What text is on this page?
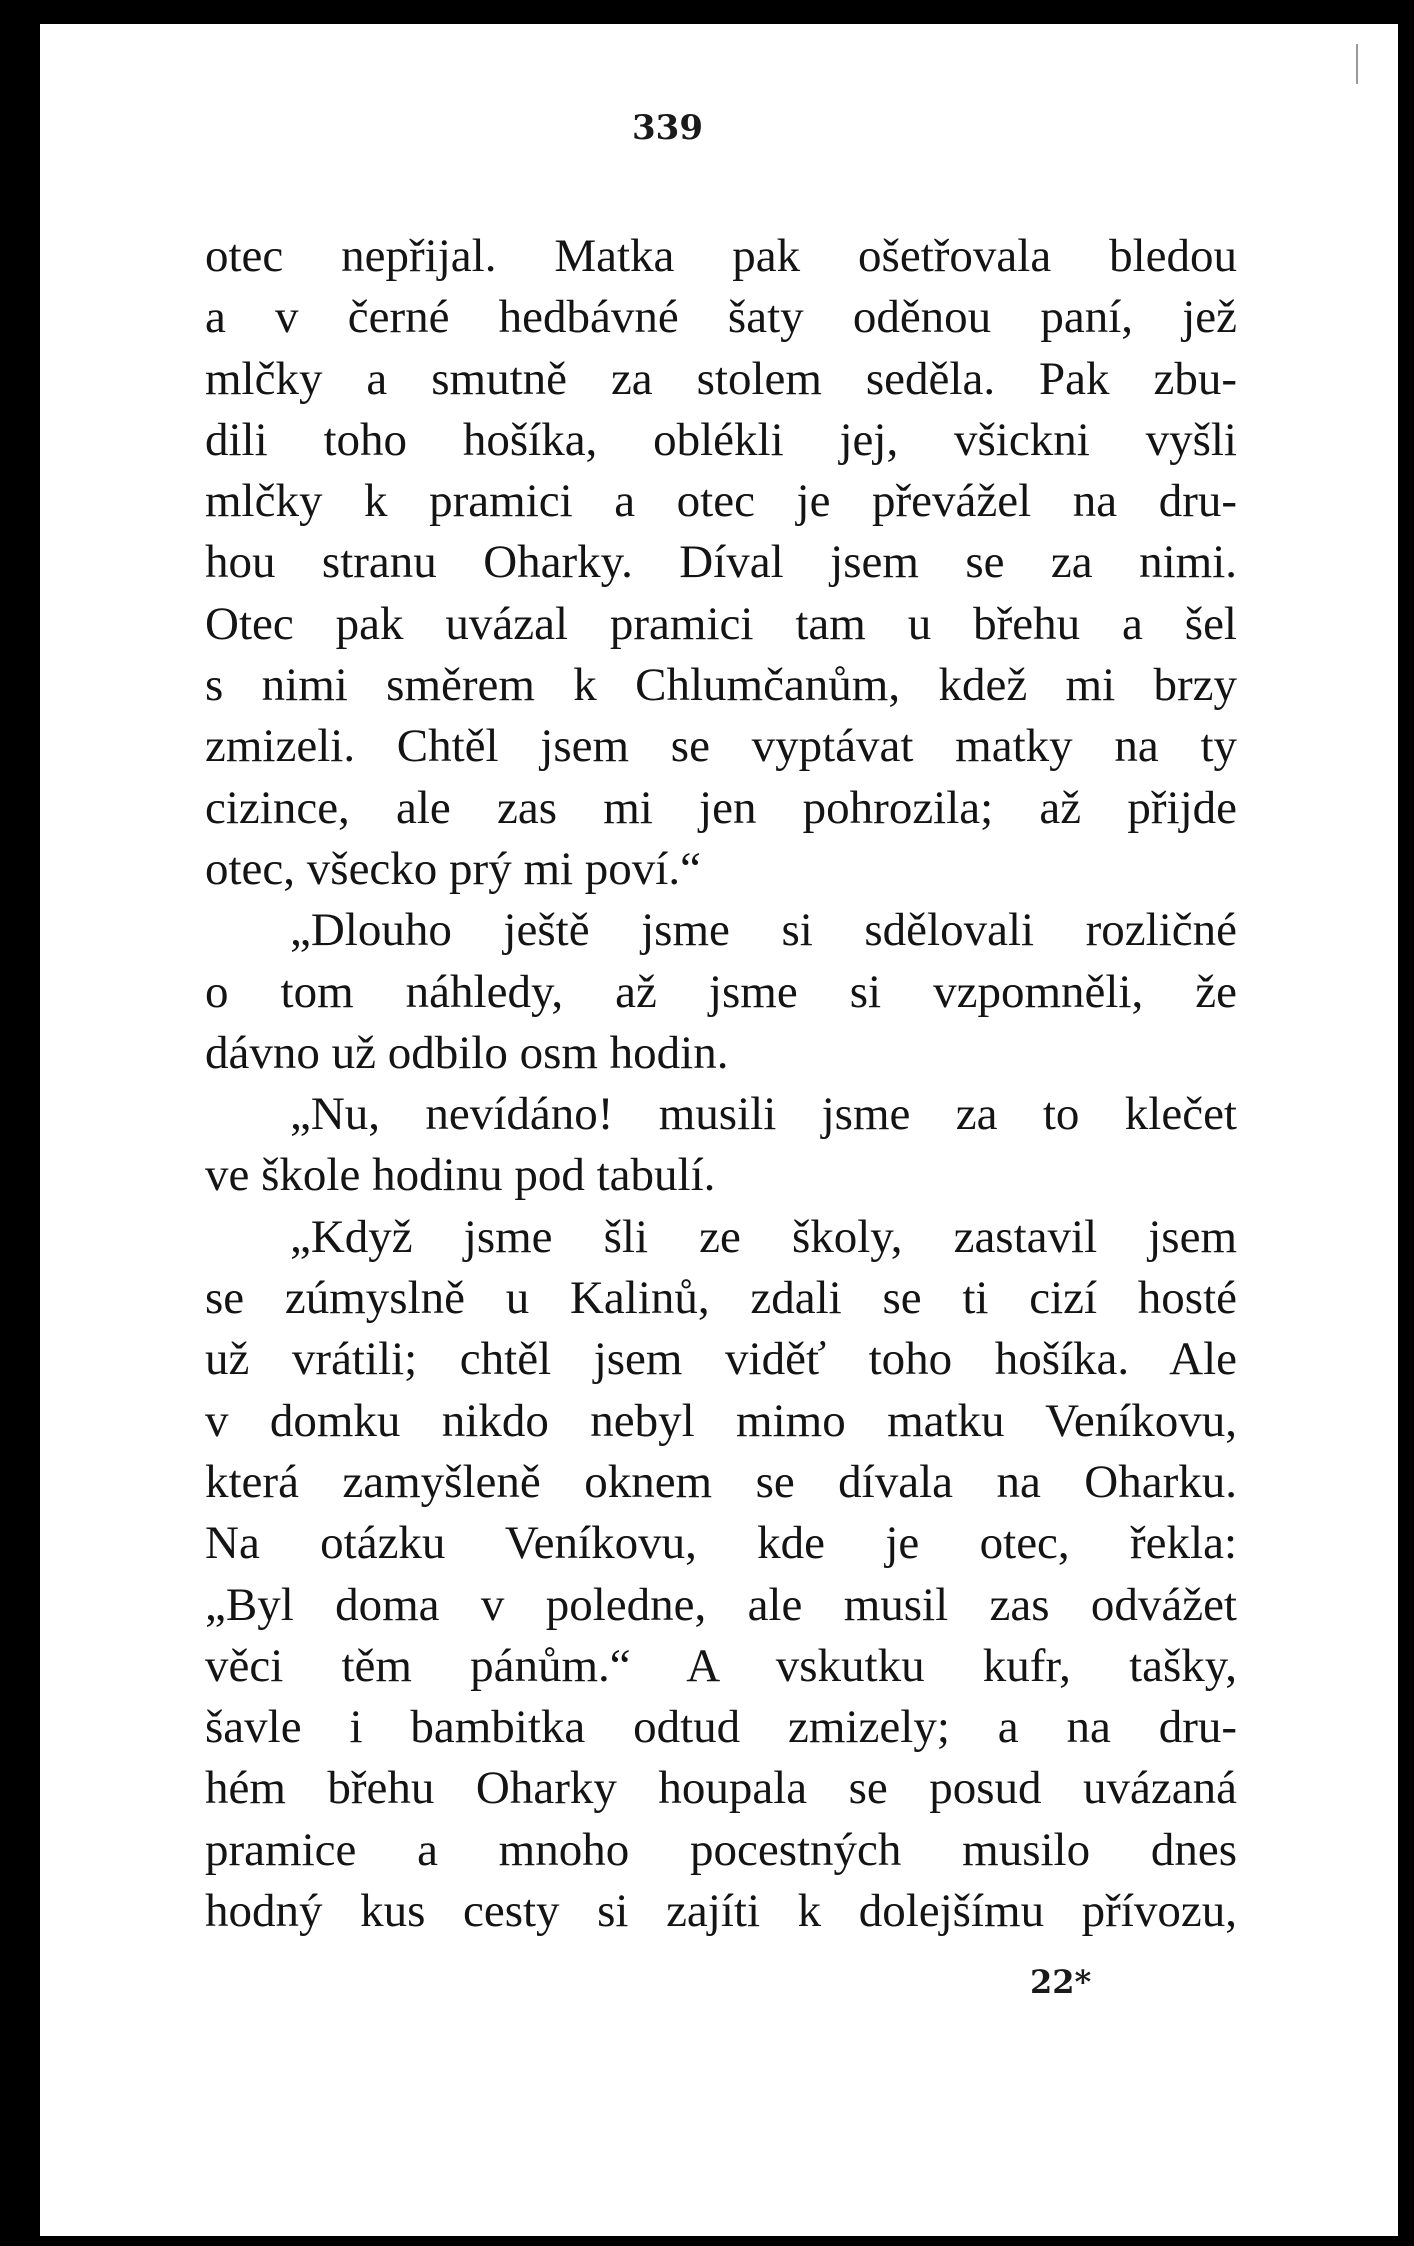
339
otec nepřijal. Matka pak ošetřovala bledou
a v černé hedbávné šaty oděnou paní, jež
mlčky a smutně za stolem seděla. Pak zbu-
dili toho hošíka, oblékli jej, všickni vyšli
mlčky k pramici a otec je převážel na dru-
hou stranu Oharky. Díval jsem se za nimi.
Otec pak uvázal pramici tam u břehu a šel
s nimi směrem k Chlumčanům, kdež mi brzy
zmizeli. Chtěl jsem se vyptávat matky na ty
cizince, ale zas mi jen pohrozila; až přijde
otec, všecko prý mi poví.“
„Dlouho ještě jsme si sdělovali rozličné
o tom náhledy, až jsme si vzpomněli, že
dávno už odbilo osm hodin.
„Nu, nevídáno! musili jsme za to klečet
ve škole hodinu pod tabulí.
„Když jsme šli ze školy, zastavil jsem
se zúmyslně u Kalinů, zdali se ti cizí hosté
už vrátili; chtěl jsem viděť toho hošíka. Ale
v domku nikdo nebyl mimo matku Veníkovu,
která zamyšleně oknem se dívala na Oharku.
Na otázku Veníkovu, kde je otec, řekla:
„Byl doma v poledne, ale musil zas odvážet
věci těm pánům.“ A vskutku kufr, tašky,
šavle i bambitka odtud zmizely; a na dru-
hém břehu Oharky houpala se posud uvázaná
pramice a mnoho pocestných musilo dnes
hodný kus cesty si zajíti k dolejšímu přívozu,
22*
